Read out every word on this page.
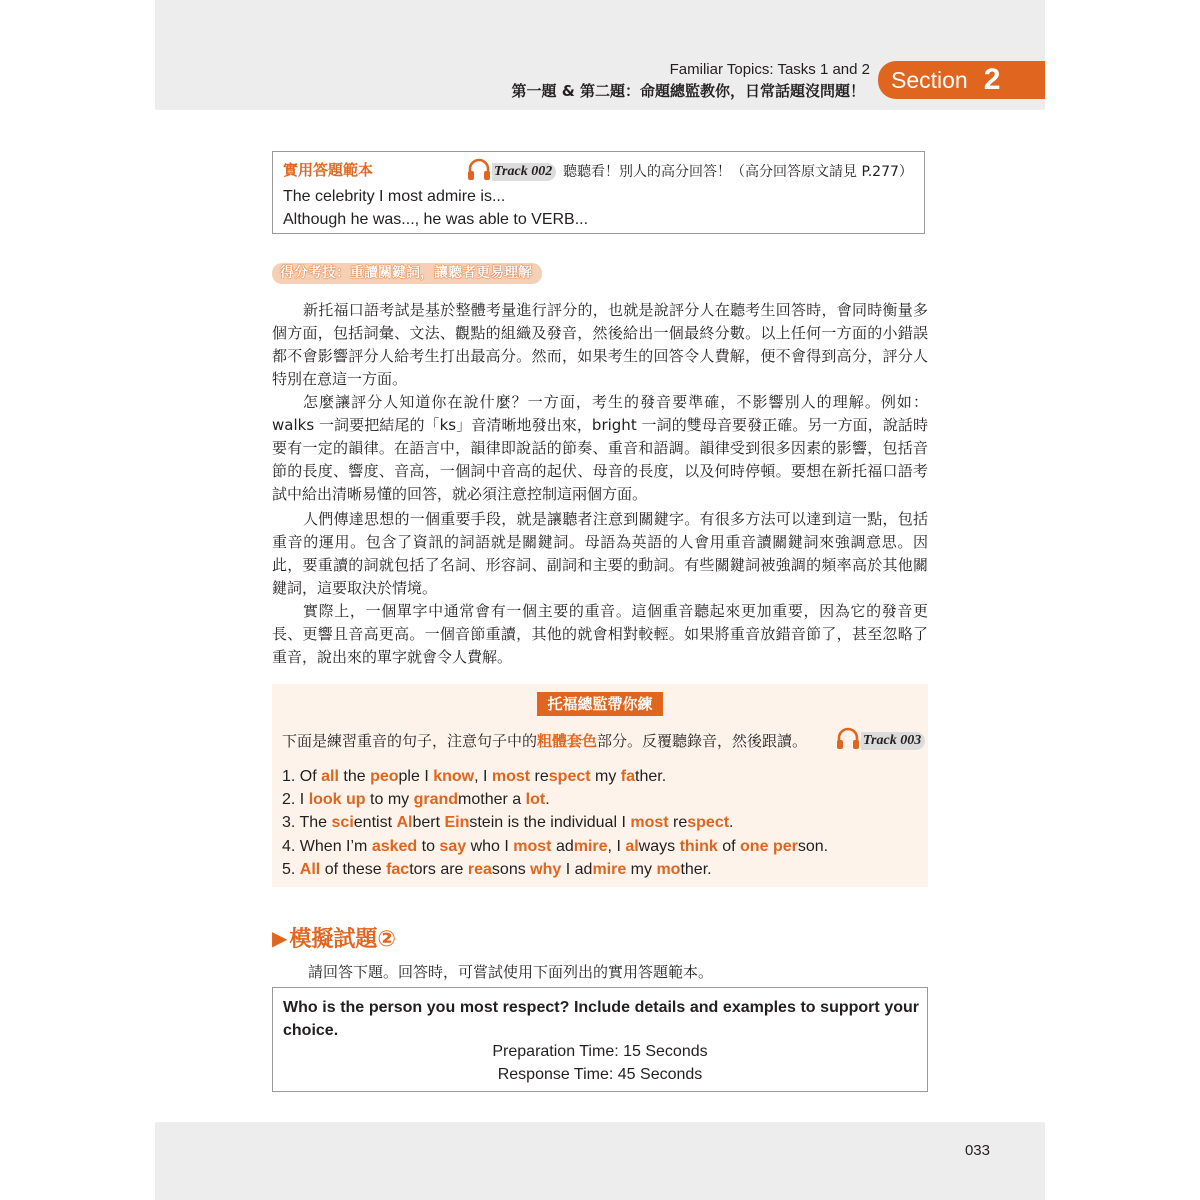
Familiar Topics: Tasks 1 and 2
第一題 & 第二題：命題總監教你，日常話題沒問題！ Section 2
實用答題範本	Track 002 聽聽看！別人的高分回答！（高分回答原文請見 P.277）
The celebrity I most admire is...
Although he was..., he was able to VERB...
得分考技：重讀關鍵詞，讓聽者更易理解

新托福口語考試是基於整體考量進行評分的，也就是說評分人在聽考生回答時，會同時衡量多個方面，包括詞彙、文法、觀點的組織及發音，然後給出一個最終分數。以上任何一方面的小錯誤都不會影響評分人給考生打出最高分。然而，如果考生的回答令人費解，便不會得到高分，評分人特別在意這一方面。

怎麼讓評分人知道你在說什麼？一方面，考生的發音要準確，不影響別人的理解。例如：walks 一詞要把結尾的「ks」音清晰地發出來，bright 一詞的雙母音要發正確。另一方面，說話時要有一定的韻律。在語言中，韻律即說話的節奏、重音和語調。韻律受到很多因素的影響，包括音節的長度、響度、音高，一個詞中音高的起伏、母音的長度，以及何時停頓。要想在新托福口語考試中給出清晰易懂的回答，就必須注意控制這兩個方面。

人們傳達思想的一個重要手段，就是讓聽者注意到關鍵字。有很多方法可以達到這一點，包括重音的運用。包含了資訊的詞語就是關鍵詞。母語為英語的人會用重音讀關鍵詞來強調意思。因此，要重讀的詞就包括了名詞、形容詞、副詞和主要的動詞。有些關鍵詞被強調的頻率高於其他關鍵詞，這要取決於情境。

實際上，一個單字中通常會有一個主要的重音。這個重音聽起來更加重要，因為它的發音更長、更響且音高更高。一個音節重讀，其他的就會相對較輕。如果將重音放錯音節了，甚至忽略了重音，說出來的單字就會令人費解。

托福總監帶你練
下面是練習重音的句子，注意句子中的粗體套色部分。反覆聽錄音，然後跟讀。	Track 003
1. Of all the people I know, I most respect my father.
2. I look up to my grandmother a lot.
3. The scientist Albert Einstein is the individual I most respect.
4. When I’m asked to say who I most admire, I always think of one person.
5. All of these factors are reasons why I admire my mother.
▶ 模擬試題②
請回答下題。回答時，可嘗試使用下面列出的實用答題範本。

Who is the person you most respect? Include details and examples to support your choice.

Preparation Time: 15 Seconds
Response Time: 45 Seconds
033
